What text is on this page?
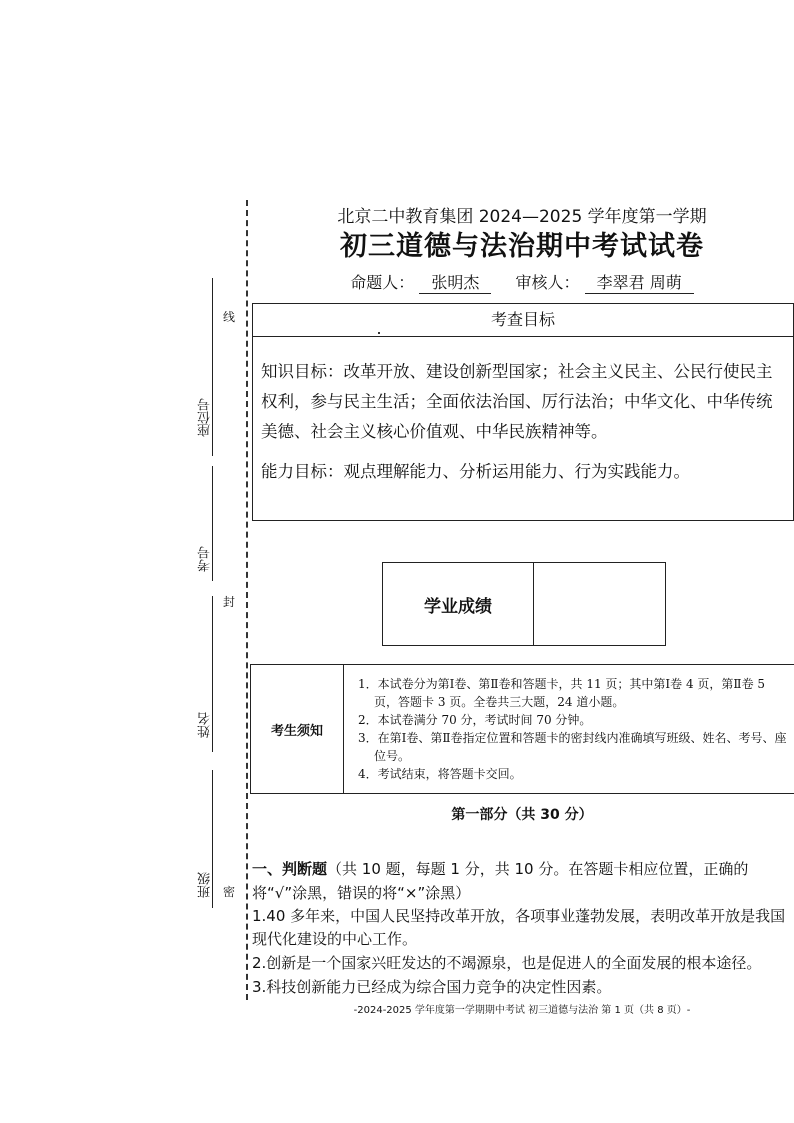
线
封
密
座位号
考号
姓名
班级
北京二中教育集团 2024—2025 学年度第一学期
初三道德与法治期中考试试卷
命题人： 张明杰 审核人： 李翠君 周萌
考查目标

知识目标：改革开放、建设创新型国家；社会主义民主、公民行使民主权利，参与民主生活；全面依法治国、厉行法治；中华文化、中华传统美德、社会主义核心价值观、中华民族精神等。

能力目标：观点理解能力、分析运用能力、行为实践能力。

学业成绩
考生须知
1．本试卷分为第Ⅰ卷、第Ⅱ卷和答题卡，共 11 页；其中第Ⅰ卷 4 页，第Ⅱ卷 5 页，答题卡 3 页。全卷共三大题，24 道小题。
2．本试卷满分 70 分，考试时间 70 分钟。
3．在第Ⅰ卷、第Ⅱ卷指定位置和答题卡的密封线内准确填写班级、姓名、考号、座位号。
4．考试结束，将答题卡交回。
第一部分（共 30 分）
一、判断题（共 10 题，每题 1 分，共 10 分。在答题卡相应位置，正确的将“√”涂黑，错误的将“×”涂黑）
1.40 多年来，中国人民坚持改革开放，各项事业蓬勃发展，表明改革开放是我国现代化建设的中心工作。
2.创新是一个国家兴旺发达的不竭源泉，也是促进人的全面发展的根本途径。
3.科技创新能力已经成为综合国力竞争的决定性因素。
-2024-2025 学年度第一学期期中考试 初三道德与法治 第 1 页（共 8 页）-
